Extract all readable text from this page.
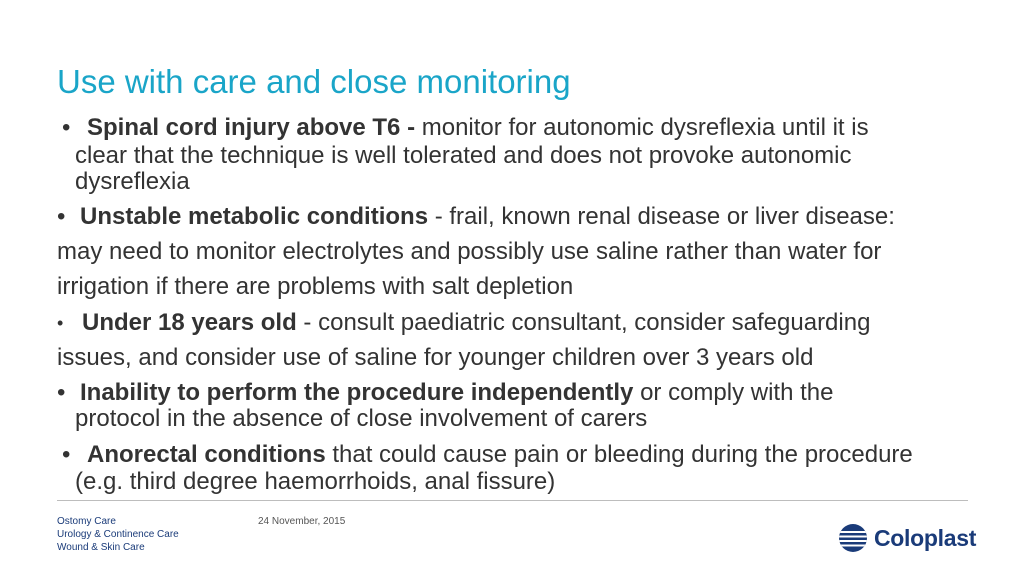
Use with care and close monitoring
• Spinal cord injury above T6 - monitor for autonomic dysreflexia until it is
clear that the technique is well tolerated and does not provoke autonomic
dysreflexia
• Unstable metabolic conditions - frail, known renal disease or liver disease:
may need to monitor electrolytes and possibly use saline rather than water for
irrigation if there are problems with salt depletion
• Under 18 years old - consult paediatric consultant, consider safeguarding
issues, and consider use of saline for younger children over 3 years old
• Inability to perform the procedure independently or comply with the
protocol in the absence of close involvement of carers
• Anorectal conditions that could cause pain or bleeding during the procedure
(e.g. third degree haemorrhoids, anal fissure)
Ostomy Care
Urology & Continence Care
Wound & Skin Care
24 November, 2015
Coloplast
